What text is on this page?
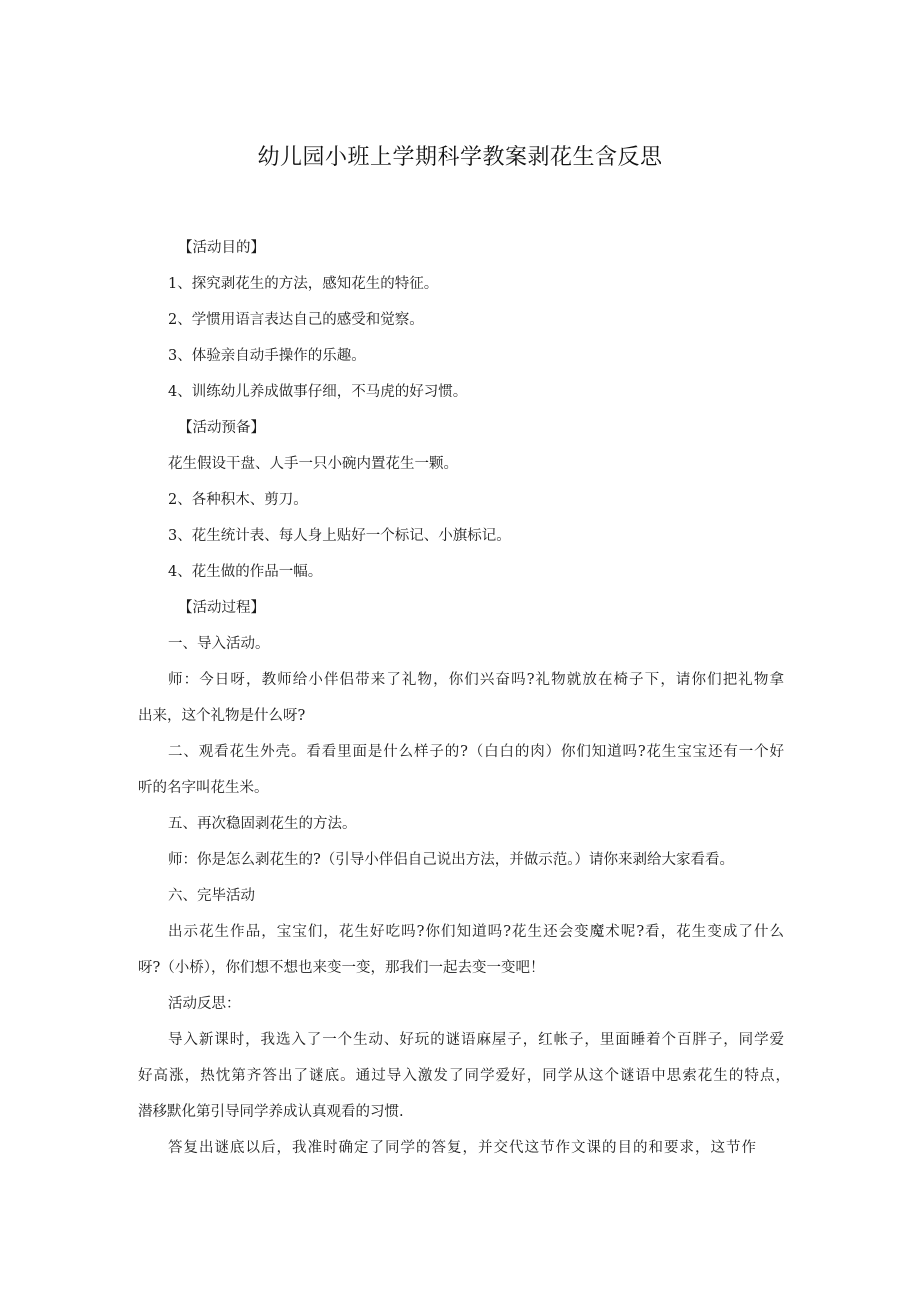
幼儿园小班上学期科学教案剥花生含反思
【活动目的】
1、探究剥花生的方法，感知花生的特征。
2、学惯用语言表达自己的感受和觉察。
3、体验亲自动手操作的乐趣。
4、训练幼儿养成做事仔细，不马虎的好习惯。
【活动预备】
花生假设干盘、人手一只小碗内置花生一颗。
2、各种积木、剪刀。
3、花生统计表、每人身上贴好一个标记、小旗标记。
4、花生做的作品一幅。
【活动过程】
一、导入活动。
师：今日呀，教师给小伴侣带来了礼物，你们兴奋吗?礼物就放在椅子下，请你们把礼物拿
出来，这个礼物是什么呀?
二、观看花生外壳。看看里面是什么样子的?（白白的肉）你们知道吗?花生宝宝还有一个好
听的名字叫花生米。
五、再次稳固剥花生的方法。
师：你是怎么剥花生的?（引导小伴侣自己说出方法，并做示范。）请你来剥给大家看看。
六、完毕活动
出示花生作品，宝宝们，花生好吃吗?你们知道吗?花生还会变魔术呢?看，花生变成了什么
呀?（小桥），你们想不想也来变一变，那我们一起去变一变吧！
活动反思：
导入新课时，我选入了一个生动、好玩的谜语麻屋子，红帐子，里面睡着个百胖子，同学爱
好高涨，热忱第齐答出了谜底。通过导入激发了同学爱好，同学从这个谜语中思索花生的特点，
潜移默化第引导同学养成认真观看的习惯.
答复出谜底以后，我准时确定了同学的答复，并交代这节作文课的目的和要求，这节作
